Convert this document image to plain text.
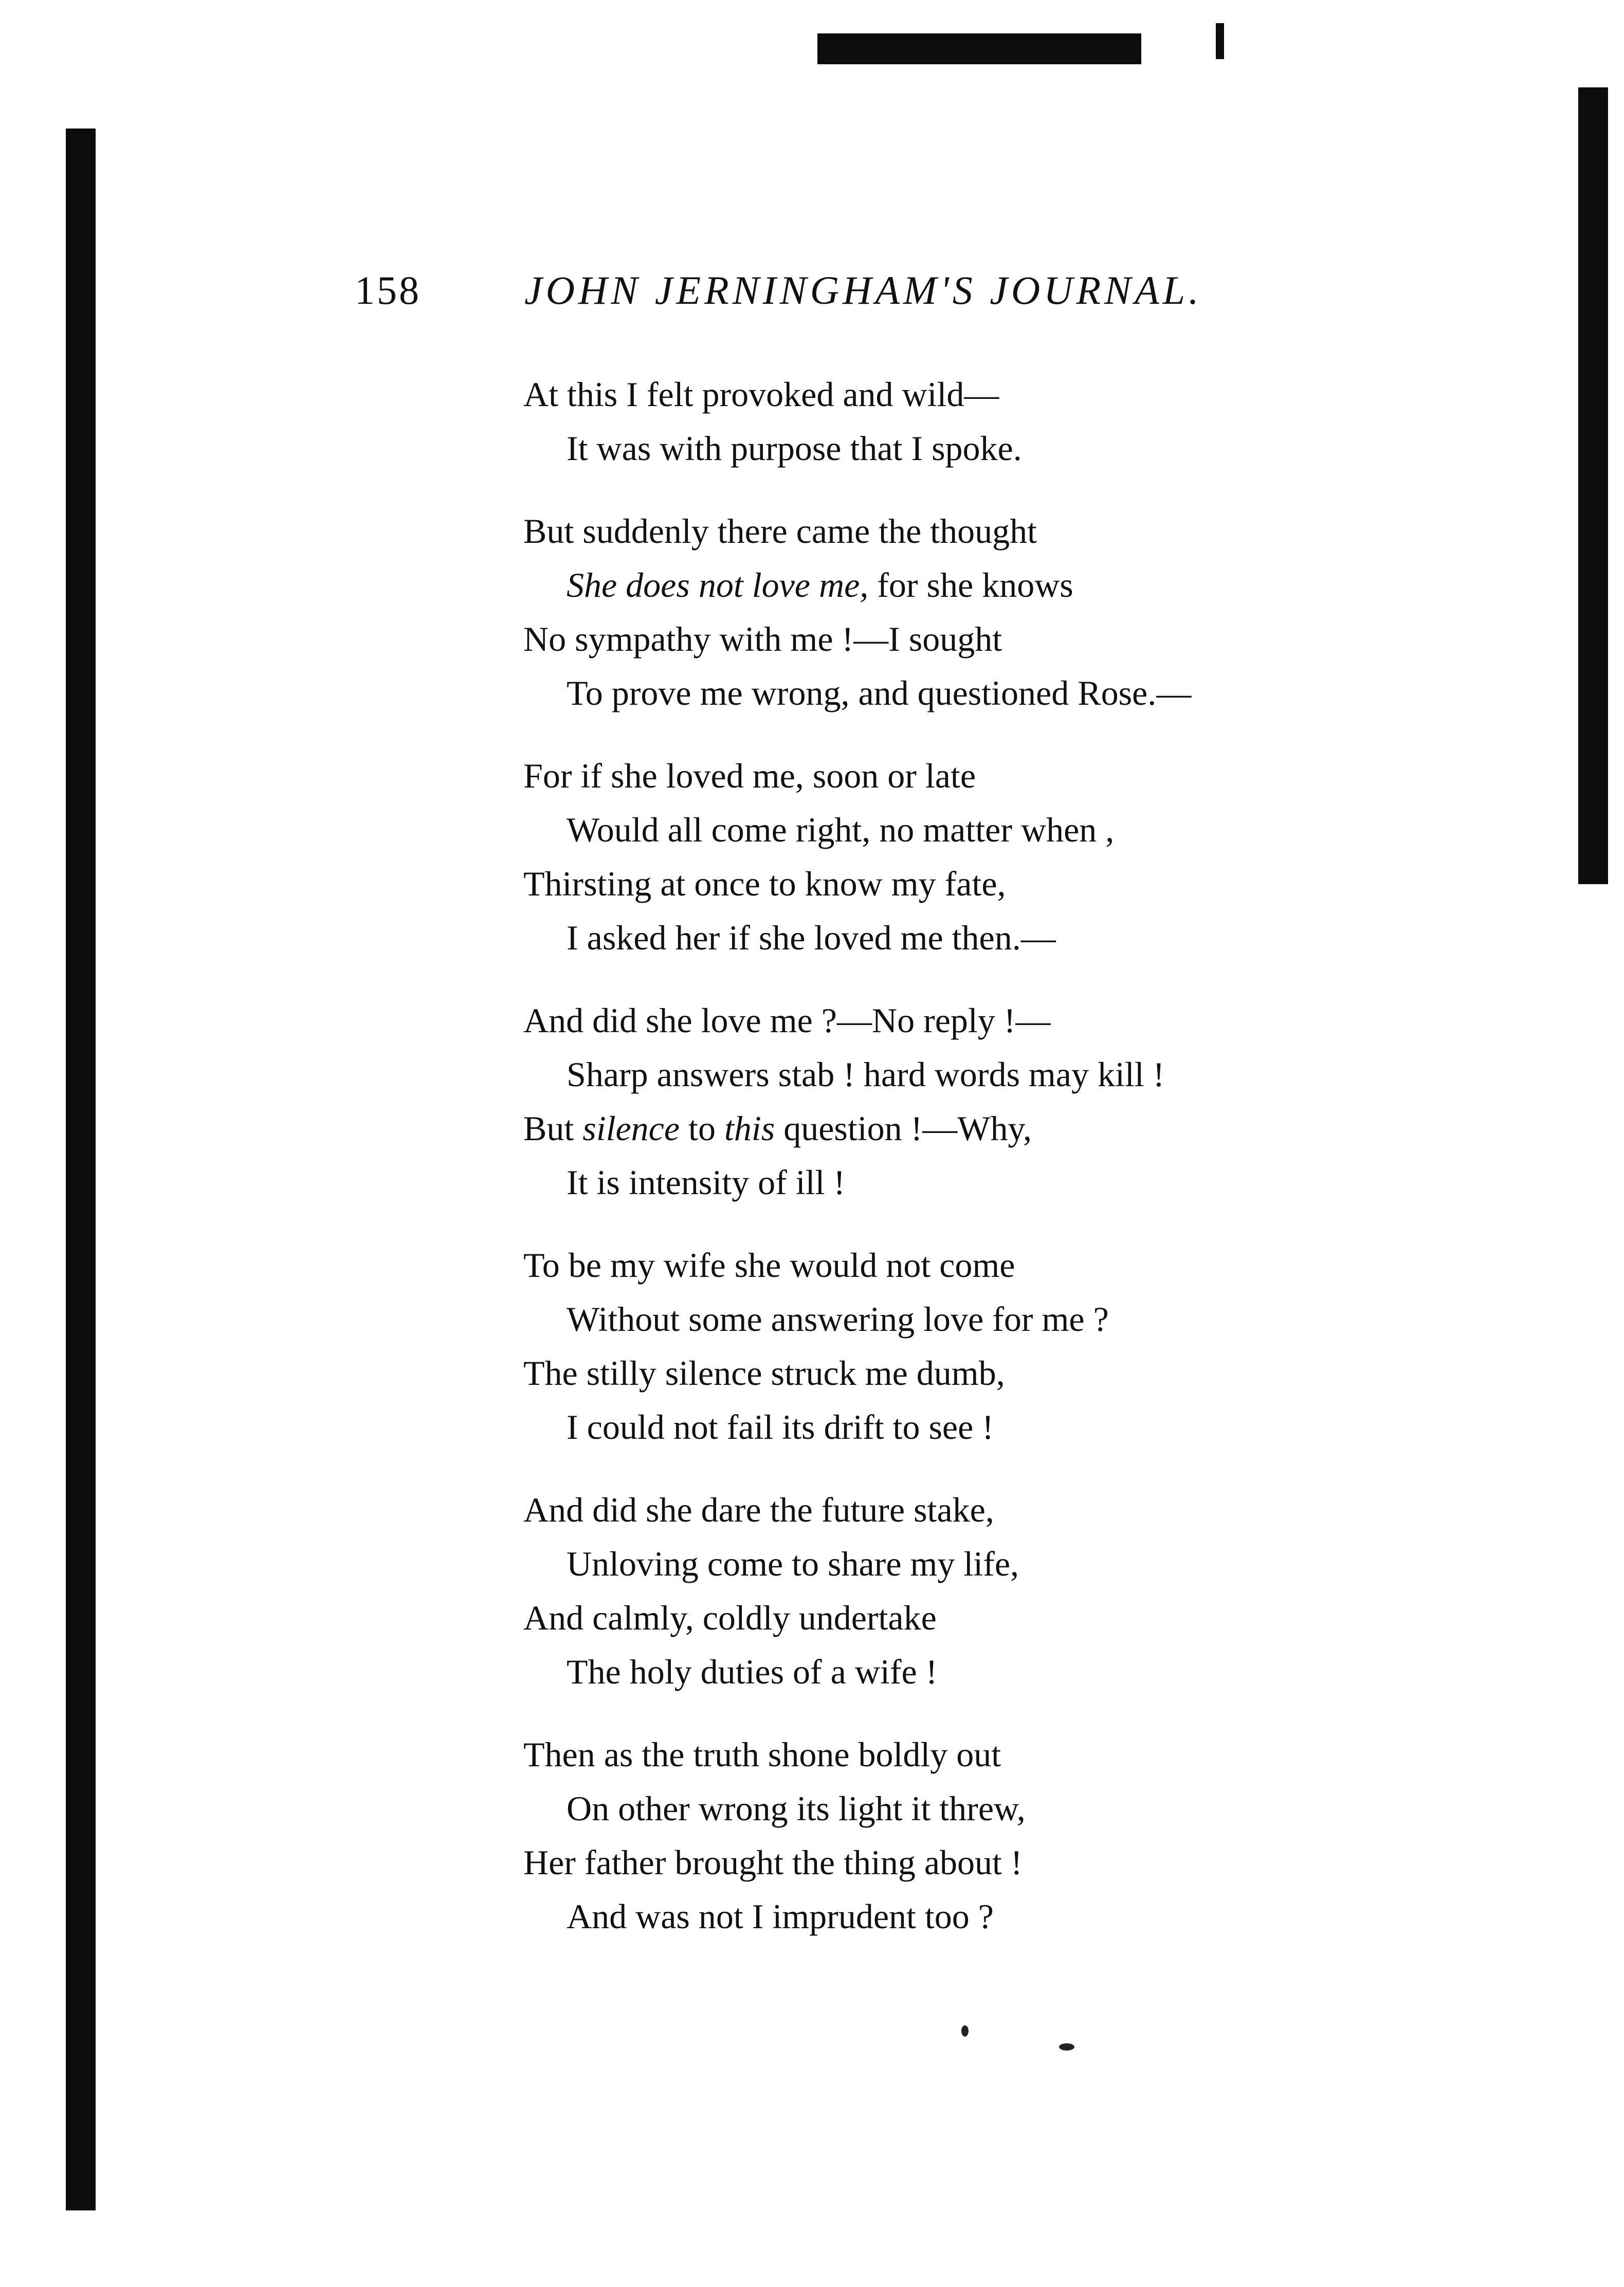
158	JOHN JERNINGHAM'S JOURNAL.
At this I felt provoked and wild—
It was with purpose that I spoke.
But suddenly there came the thought
She does not love me, for she knows
No sympathy with me !—I sought
To prove me wrong, and questioned Rose.—
For if she loved me, soon or late
Would all come right, no matter when ,
Thirsting at once to know my fate,
I asked her if she loved me then.—
And did she love me ?—No reply !—
Sharp answers stab ! hard words may kill !
But silence to this question !—Why,
It is intensity of ill !
To be my wife she would not come
Without some answering love for me ?
The stilly silence struck me dumb,
I could not fail its drift to see !
And did she dare the future stake,
Unloving come to share my life,
And calmly, coldly undertake
The holy duties of a wife !
Then as the truth shone boldly out
On other wrong its light it threw,
Her father brought the thing about !
And was not I imprudent too ?
